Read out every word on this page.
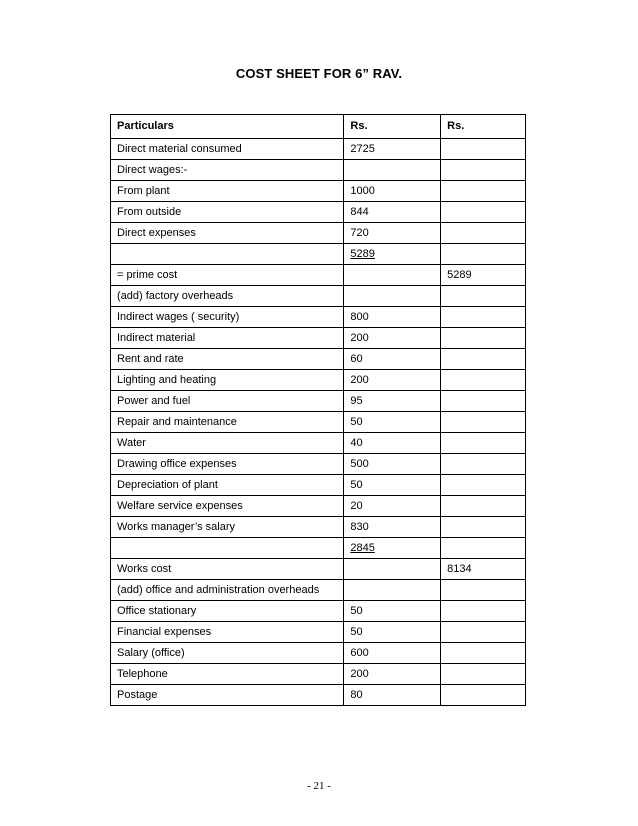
COST SHEET FOR 6” RAV.
Particulars	Rs.	Rs.
Direct material consumed	2725	
Direct wages:-		
From plant	1000	
From outside	844	
Direct expenses	720	
	5289	
= prime cost		5289
(add) factory overheads		
Indirect wages ( security)	800	
Indirect material	200	
Rent and rate	60	
Lighting and heating	200	
Power and fuel	95	
Repair and maintenance	50	
Water	40	
Drawing office expenses	500	
Depreciation of plant	50	
Welfare service expenses	20	
Works manager’s salary	830	
	2845	
Works cost		8134
(add) office and administration overheads		
Office stationary	50	
Financial expenses	50	
Salary (office)	600	
Telephone	200	
Postage	80	
- 21 -
